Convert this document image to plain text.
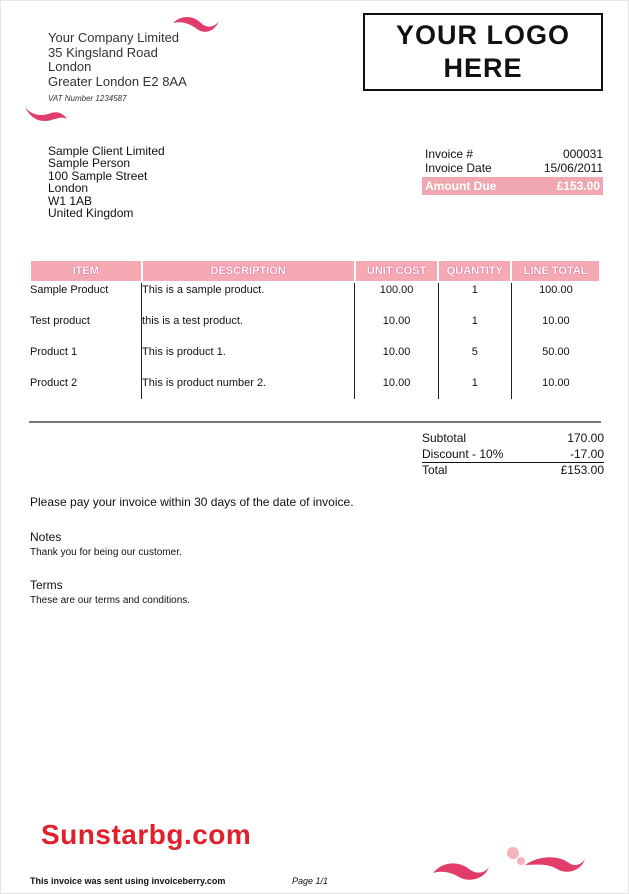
Your Company Limited
35 Kingsland Road
London
Greater London E2 8AA
VAT Number 1234587
YOUR LOGO
HERE
Sample Client Limited
Sample Person
100 Sample Street
London
W1 1AB
United Kingdom
Invoice #	000031
Invoice Date	15/06/2011
Amount Due	£153.00
ITEM	DESCRIPTION	UNIT COST	QUANTITY	LINE TOTAL
Sample Product	This is a sample product.	100.00	1	100.00
Test product	this is a test product.	10.00	1	10.00
Product 1	This is product 1.	10.00	5	50.00
Product 2	This is product number 2.	10.00	1	10.00
Subtotal	170.00
Discount - 10%	-17.00
Total	£153.00
Please pay your invoice within 30 days of the date of invoice.
Notes
Thank you for being our customer.
Terms
These are our terms and conditions.
Sunstarbg.com
This invoice was sent using invoiceberry.com	Page 1/1
